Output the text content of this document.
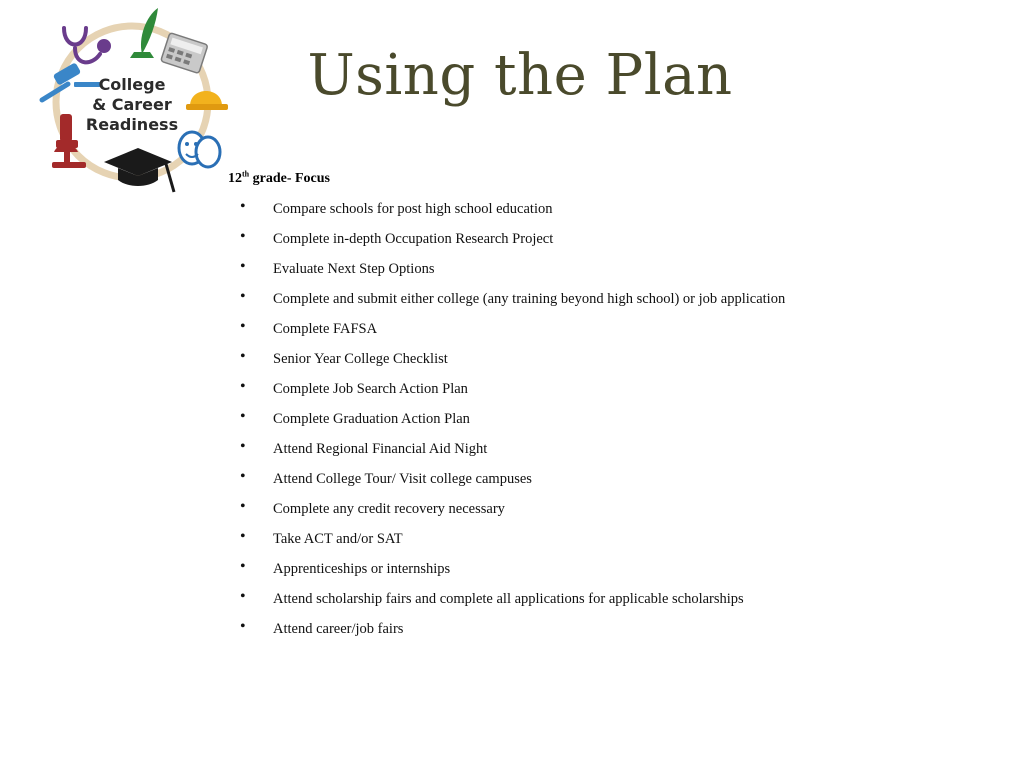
College
& Career
Readiness
Using the Plan
12th grade- Focus
• Compare schools for post high school education
• Complete in-depth Occupation Research Project
• Evaluate Next Step Options
• Complete and submit either college (any training beyond high school) or job application
• Complete FAFSA
• Senior Year College Checklist
• Complete Job Search Action Plan
• Complete Graduation Action Plan
• Attend Regional Financial Aid Night
• Attend College Tour/ Visit college campuses
• Complete any credit recovery necessary
• Take ACT and/or SAT
• Apprenticeships or internships
• Attend scholarship fairs and complete all applications for applicable scholarships
• Attend career/job fairs
